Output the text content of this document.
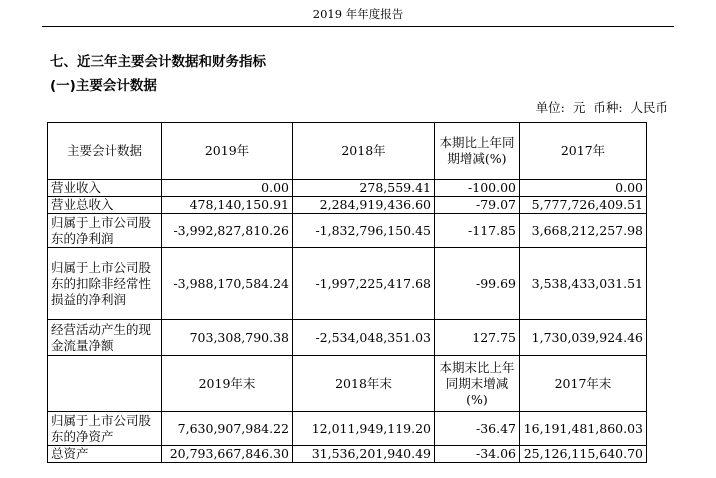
2019 年年度报告
七、近三年主要会计数据和财务指标
(一)主要会计数据
单位: 元 币种: 人民币
主要会计数据	2019年	2018年	本期比上年同期增减(%)	2017年
营业收入	0.00	278,559.41	-100.00	0.00
营业总收入	478,140,150.91	2,284,919,436.60	-79.07	5,777,726,409.51
归属于上市公司股东的净利润	-3,992,827,810.26	-1,832,796,150.45	-117.85	3,668,212,257.98
归属于上市公司股东的扣除非经常性损益的净利润	-3,988,170,584.24	-1,997,225,417.68	-99.69	3,538,433,031.51
经营活动产生的现金流量净额	703,308,790.38	-2,534,048,351.03	127.75	1,730,039,924.46
	2019年末	2018年末	本期末比上年同期末增减(%)	2017年末
归属于上市公司股东的净资产	7,630,907,984.22	12,011,949,119.20	-36.47	16,191,481,860.03
总资产	20,793,667,846.30	31,536,201,940.49	-34.06	25,126,115,640.70
